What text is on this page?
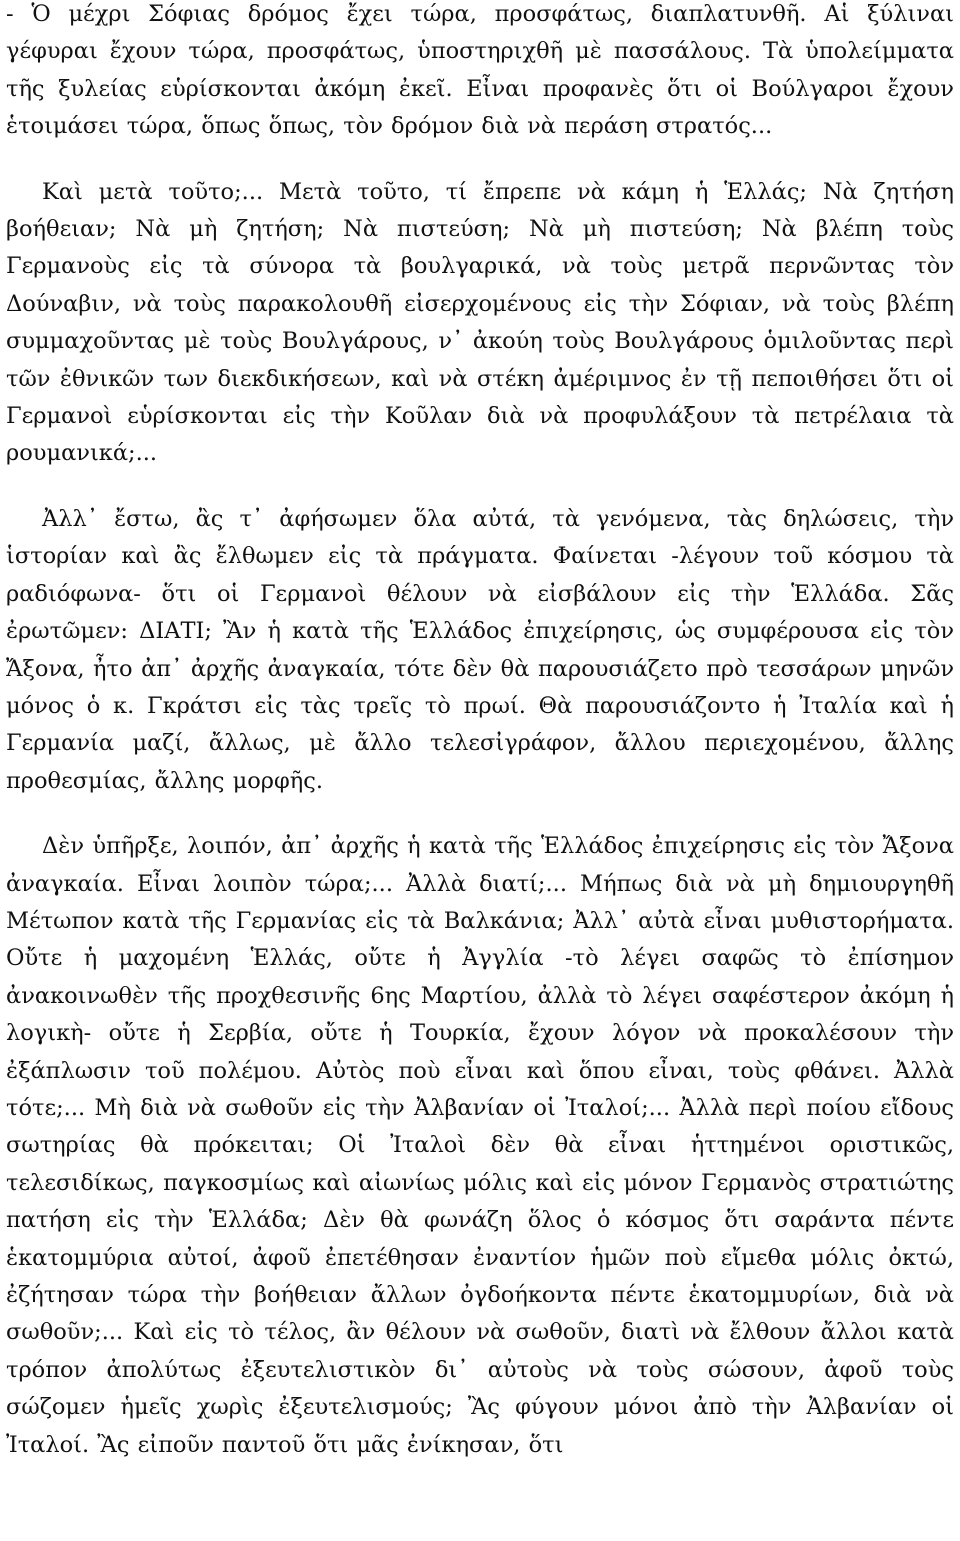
- Ὁ μέχρι Σόφιας δρόμος ἔχει τώρα, προσφάτως, διαπλατυνθῆ. Αἱ ξύλιναι γέφυραι ἔχουν τώρα, προσφάτως, ὑποστηριχθῆ μὲ πασσάλους. Τὰ ὑπολείμματα τῆς ξυλείας εὑρίσκονται ἀκόμη ἐκεῖ. Εἶναι προφανὲς ὅτι οἱ Βούλγαροι ἔχουν ἑτοιμάσει τώρα, ὅπως ὅπως, τὸν δρόμον διὰ νὰ περάση στρατός...

Καὶ μετὰ τοῦτο;... Μετὰ τοῦτο, τί ἔπρεπε νὰ κάμη ἡ Ἑλλάς; Νὰ ζητήση βοήθειαν; Νὰ μὴ ζητήση; Νὰ πιστεύση; Νὰ μὴ πιστεύση; Νὰ βλέπη τοὺς Γερμανοὺς εἰς τὰ σύνορα τὰ βουλγαρικά, νὰ τοὺς μετρᾶ περνῶντας τὸν Δούναβιν, νὰ τοὺς παρακολουθῆ εἰσερχομένους εἰς τὴν Σόφιαν, νὰ τοὺς βλέπη συμμαχοῦντας μὲ τοὺς Βουλγάρους, ν᾽ ἀκούη τοὺς Βουλγάρους ὁμιλοῦντας περὶ τῶν ἐθνικῶν των διεκδικήσεων, καὶ νὰ στέκη ἀμέριμνος ἐν τῇ πεποιθήσει ὅτι οἱ Γερμανοὶ εὑρίσκονται εἰς τὴν Κοῦλαν διὰ νὰ προφυλάξουν τὰ πετρέλαια τὰ ρουμανικά;...

Ἀλλ᾽ ἔστω, ἂς τ᾽ ἀφήσωμεν ὅλα αὐτά, τὰ γενόμενα, τὰς δηλώσεις, τὴν ἱστορίαν καὶ ἂς ἔλθωμεν εἰς τὰ πράγματα. Φαίνεται -λέγουν τοῦ κόσμου τὰ ραδιόφωνα- ὅτι οἱ Γερμανοὶ θέλουν νὰ εἰσβάλουν εἰς τὴν Ἑλλάδα. Σᾶς ἐρωτῶμεν: ΔΙΑΤΙ; Ἂν ἡ κατὰ τῆς Ἑλλάδος ἐπιχείρησις, ὡς συμφέρουσα εἰς τὸν Ἄξονα, ἦτο ἀπ᾽ ἀρχῆς ἀναγκαία, τότε δὲν θὰ παρουσιάζετο πρὸ τεσσάρων μηνῶν μόνος ὁ κ. Γκράτσι εἰς τὰς τρεῖς τὸ πρωί. Θὰ παρουσιάζοντο ἡ Ἰταλία καὶ ἡ Γερμανία μαζί, ἄλλως, μὲ ἄλλο τελεσἰγράφον, ἄλλου περιεχομένου, ἄλλης προθεσμίας, ἄλλης μορφῆς.

Δὲν ὑπῆρξε, λοιπόν, ἀπ᾽ ἀρχῆς ἡ κατὰ τῆς Ἑλλάδος ἐπιχείρησις εἰς τὸν Ἄξονα ἀναγκαία. Εἶναι λοιπὸν τώρα;... Ἀλλὰ διατί;... Μήπως διὰ νὰ μὴ δημιουργηθῆ Μέτωπον κατὰ τῆς Γερμανίας εἰς τὰ Βαλκάνια; Ἀλλ᾽ αὐτὰ εἶναι μυθιστορήματα. Οὔτε ἡ μαχομένη Ἑλλάς, οὔτε ἡ Ἀγγλία -τὸ λέγει σαφῶς τὸ ἐπίσημον ἀνακοινωθὲν τῆς προχθεσινῆς 6ης Μαρτίου, ἀλλὰ τὸ λέγει σαφέστερον ἀκόμη ἡ λογικὴ- οὔτε ἡ Σερβία, οὔτε ἡ Τουρκία, ἔχουν λόγον νὰ προκαλέσουν τὴν ἐξάπλωσιν τοῦ πολέμου. Αὐτὸς ποὺ εἶναι καὶ ὅπου εἶναι, τοὺς φθάνει. Ἀλλὰ τότε;... Μὴ διὰ νὰ σωθοῦν εἰς τὴν Ἀλβανίαν οἱ Ἰταλοί;... Ἀλλὰ περὶ ποίου εἴδους σωτηρίας θὰ πρόκειται; Οἱ Ἰταλοὶ δὲν θὰ εἶναι ἡττημένοι οριστικῶς, τελεσιδίκως, παγκοσμίως καὶ αἰωνίως μόλις καὶ εἰς μόνον Γερμανὸς στρατιώτης πατήση εἰς τὴν Ἑλλάδα; Δὲν θὰ φωνάζη ὅλος ὁ κόσμος ὅτι σαράντα πέντε ἑκατομμύρια αὐτοί, ἀφοῦ ἐπετέθησαν ἐναντίον ἡμῶν ποὺ εἴμεθα μόλις ὀκτώ, ἐζήτησαν τώρα τὴν βοήθειαν ἄλλων ὀγδοήκοντα πέντε ἑκατομμυρίων, διὰ νὰ σωθοῦν;... Καὶ εἰς τὸ τέλος, ἂν θέλουν νὰ σωθοῦν, διατὶ νὰ ἔλθουν ἄλλοι κατὰ τρόπον ἀπολύτως ἐξευτελιστικὸν δι᾽ αὐτοὺς νὰ τοὺς σώσουν, ἀφοῦ τοὺς σώζομεν ἡμεῖς χωρὶς ἐξευτελισμούς; Ἂς φύγουν μόνοι ἀπὸ τὴν Ἀλβανίαν οἱ Ἰταλοί. Ἂς εἰποῦν παντοῦ ὅτι μᾶς ἐνίκησαν, ὅτι
